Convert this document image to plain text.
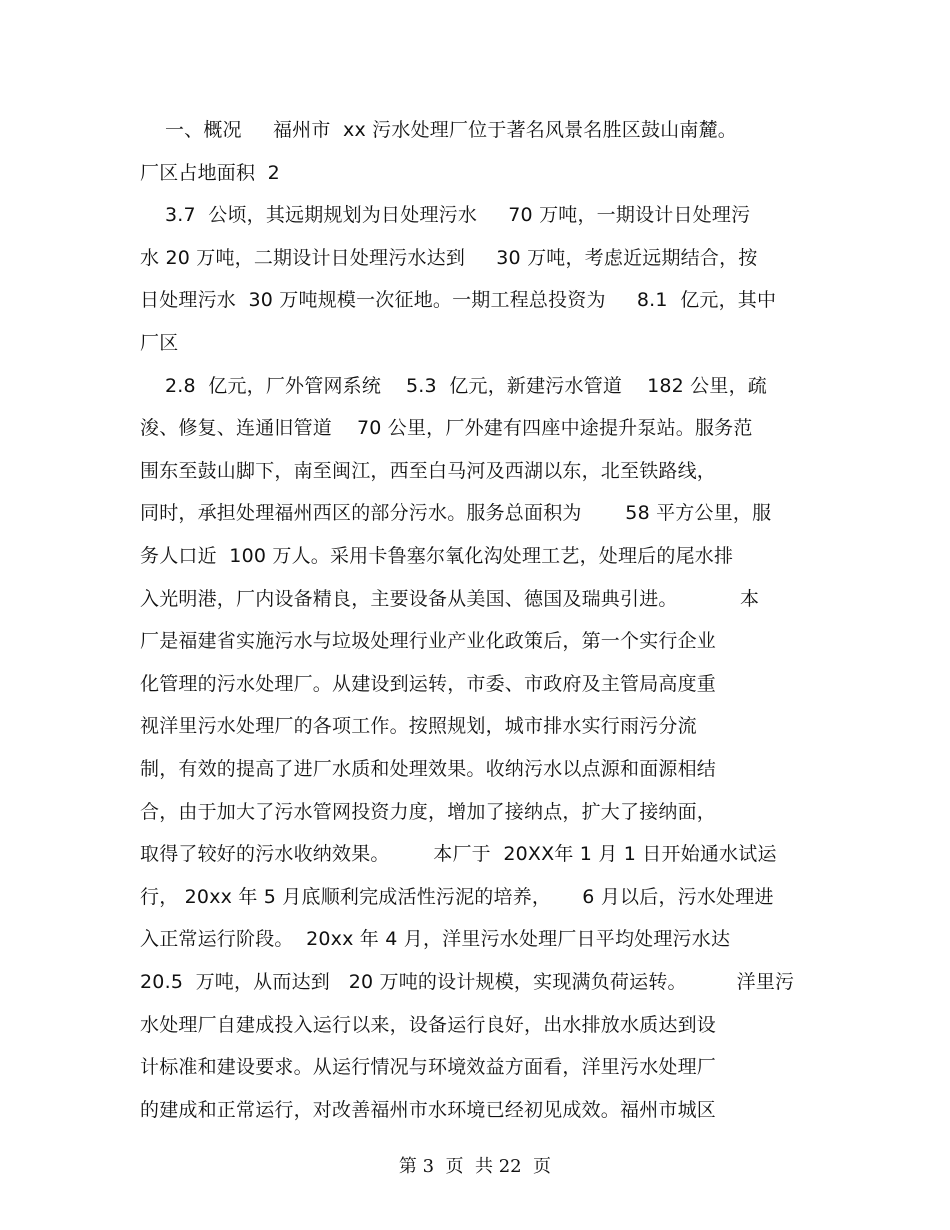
一、概况     福州市  xx 污水处理厂位于著名风景名胜区鼓山南麓。
厂区占地面积  2
3.7  公顷，其远期规划为日处理污水     70 万吨，一期设计日处理污
水 20 万吨，二期设计日处理污水达到     30 万吨，考虑近远期结合，按
日处理污水  30 万吨规模一次征地。一期工程总投资为     8.1  亿元，其中
厂区
2.8  亿元，厂外管网系统    5.3  亿元，新建污水管道    182 公里，疏
浚、修复、连通旧管道    70 公里，厂外建有四座中途提升泵站。服务范
围东至鼓山脚下，南至闽江，西至白马河及西湖以东，北至铁路线，
同时，承担处理福州西区的部分污水。服务总面积为       58 平方公里，服
务人口近  100 万人。采用卡鲁塞尔氧化沟处理工艺，处理后的尾水排
入光明港，厂内设备精良，主要设备从美国、德国及瑞典引进。          本
厂是福建省实施污水与垃圾处理行业产业化政策后，第一个实行企业
化管理的污水处理厂。从建设到运转，市委、市政府及主管局高度重
视洋里污水处理厂的各项工作。按照规划，城市排水实行雨污分流
制，有效的提高了进厂水质和处理效果。收纳污水以点源和面源相结
合，由于加大了污水管网投资力度，增加了接纳点，扩大了接纳面，
取得了较好的污水收纳效果。       本厂于  20XX年 1 月 1 日开始通水试运
行， 20xx 年 5 月底顺利完成活性污泥的培养，     6 月以后，污水处理进
入正常运行阶段。  20xx 年 4 月，洋里污水处理厂日平均处理污水达
20.5  万吨，从而达到   20 万吨的设计规模，实现满负荷运转。        洋里污
水处理厂自建成投入运行以来，设备运行良好，出水排放水质达到设
计标准和建设要求。从运行情况与环境效益方面看，洋里污水处理厂
的建成和正常运行，对改善福州市水环境已经初见成效。福州市城区
第 3  页  共 22  页
